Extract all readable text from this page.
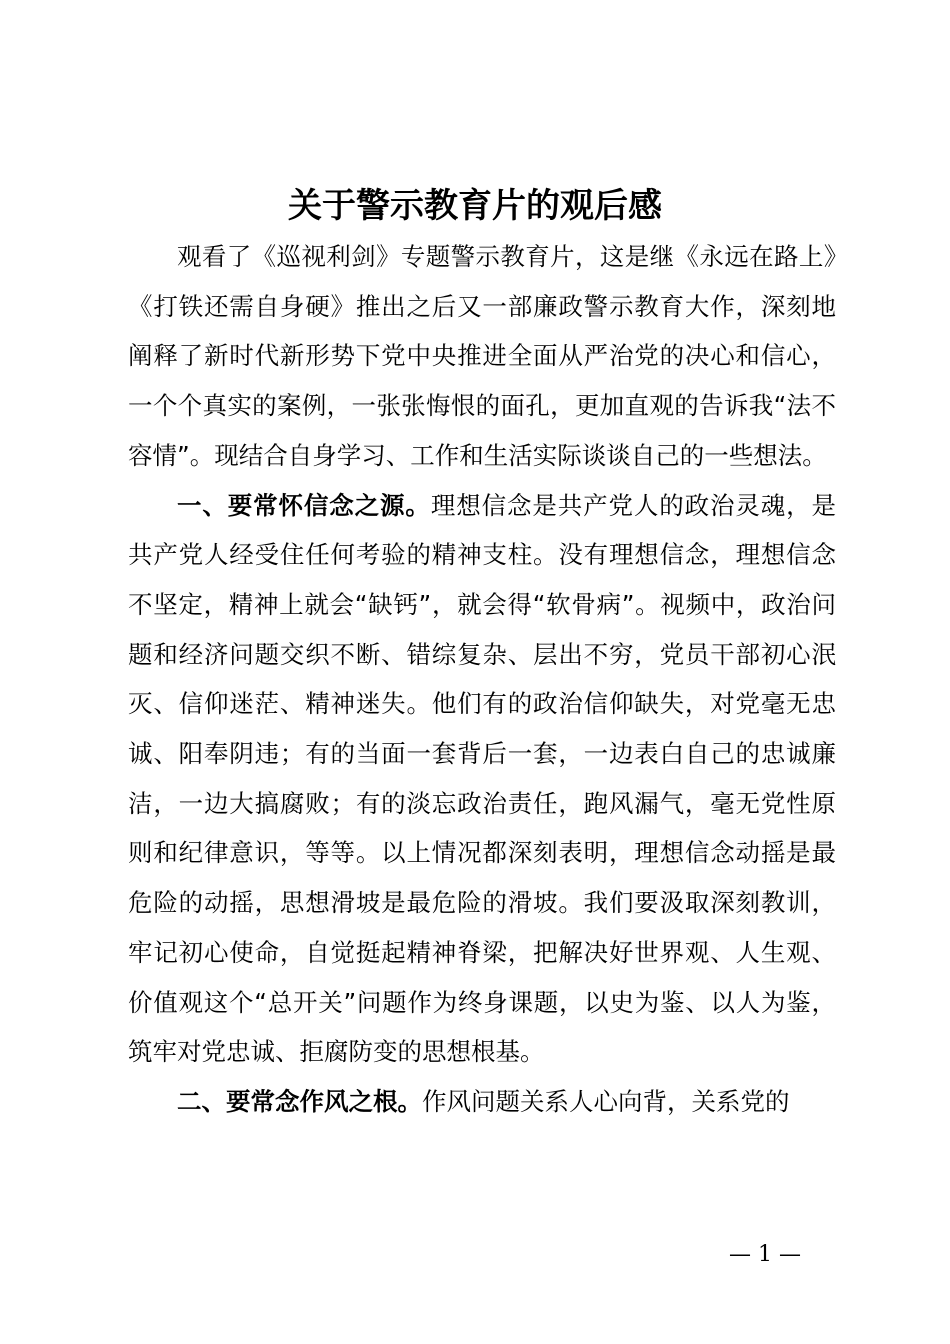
关于警示教育片的观后感

观看了《巡视利剑》专题警示教育片，这是继《永远在路上》《打铁还需自身硬》推出之后又一部廉政警示教育大作，深刻地阐释了新时代新形势下党中央推进全面从严治党的决心和信心，一个个真实的案例，一张张悔恨的面孔，更加直观的告诉我“法不容情”。现结合自身学习、工作和生活实际谈谈自己的一些想法。

一、要常怀信念之源。理想信念是共产党人的政治灵魂，是共产党人经受住任何考验的精神支柱。没有理想信念，理想信念不坚定，精神上就会“缺钙”，就会得“软骨病”。视频中，政治问题和经济问题交织不断、错综复杂、层出不穷，党员干部初心泯灭、信仰迷茫、精神迷失。他们有的政治信仰缺失，对党毫无忠诚、阳奉阴违；有的当面一套背后一套，一边表白自己的忠诚廉洁，一边大搞腐败；有的淡忘政治责任，跑风漏气，毫无党性原则和纪律意识，等等。以上情况都深刻表明，理想信念动摇是最危险的动摇，思想滑坡是最危险的滑坡。我们要汲取深刻教训，牢记初心使命，自觉挺起精神脊梁，把解决好世界观、人生观、价值观这个“总开关”问题作为终身课题，以史为鉴、以人为鉴，筑牢对党忠诚、拒腐防变的思想根基。

二、要常念作风之根。作风问题关系人心向背，关系党的

— 1 —
